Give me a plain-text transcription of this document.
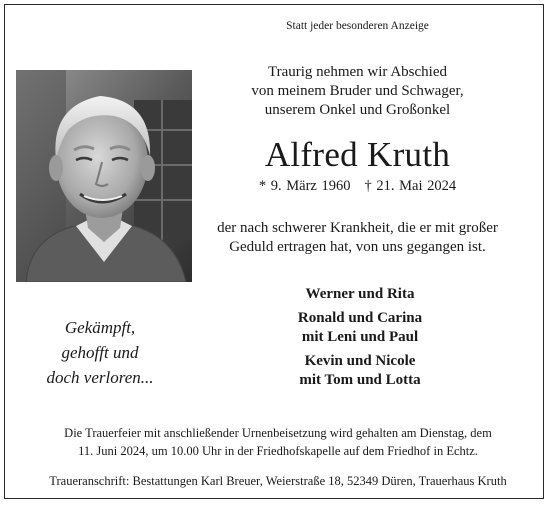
Statt jeder besonderen Anzeige
Traurig nehmen wir Abschied
von meinem Bruder und Schwager,
unserem Onkel und Großonkel
Alfred Kruth
* 9. März 1960 † 21. Mai 2024
der nach schwerer Krankheit, die er mit großer
Geduld ertragen hat, von uns gegangen ist.
Werner und Rita
Ronald und Carina
mit Leni und Paul
Kevin und Nicole
mit Tom und Lotta
Gekämpft,
gehofft und
doch verloren...
Die Trauerfeier mit anschließender Urnenbeisetzung wird gehalten am Dienstag, dem
11. Juni 2024, um 10.00 Uhr in der Friedhofskapelle auf dem Friedhof in Echtz.
Traueranschrift: Bestattungen Karl Breuer, Weierstraße 18, 52349 Düren, Trauerhaus Kruth
